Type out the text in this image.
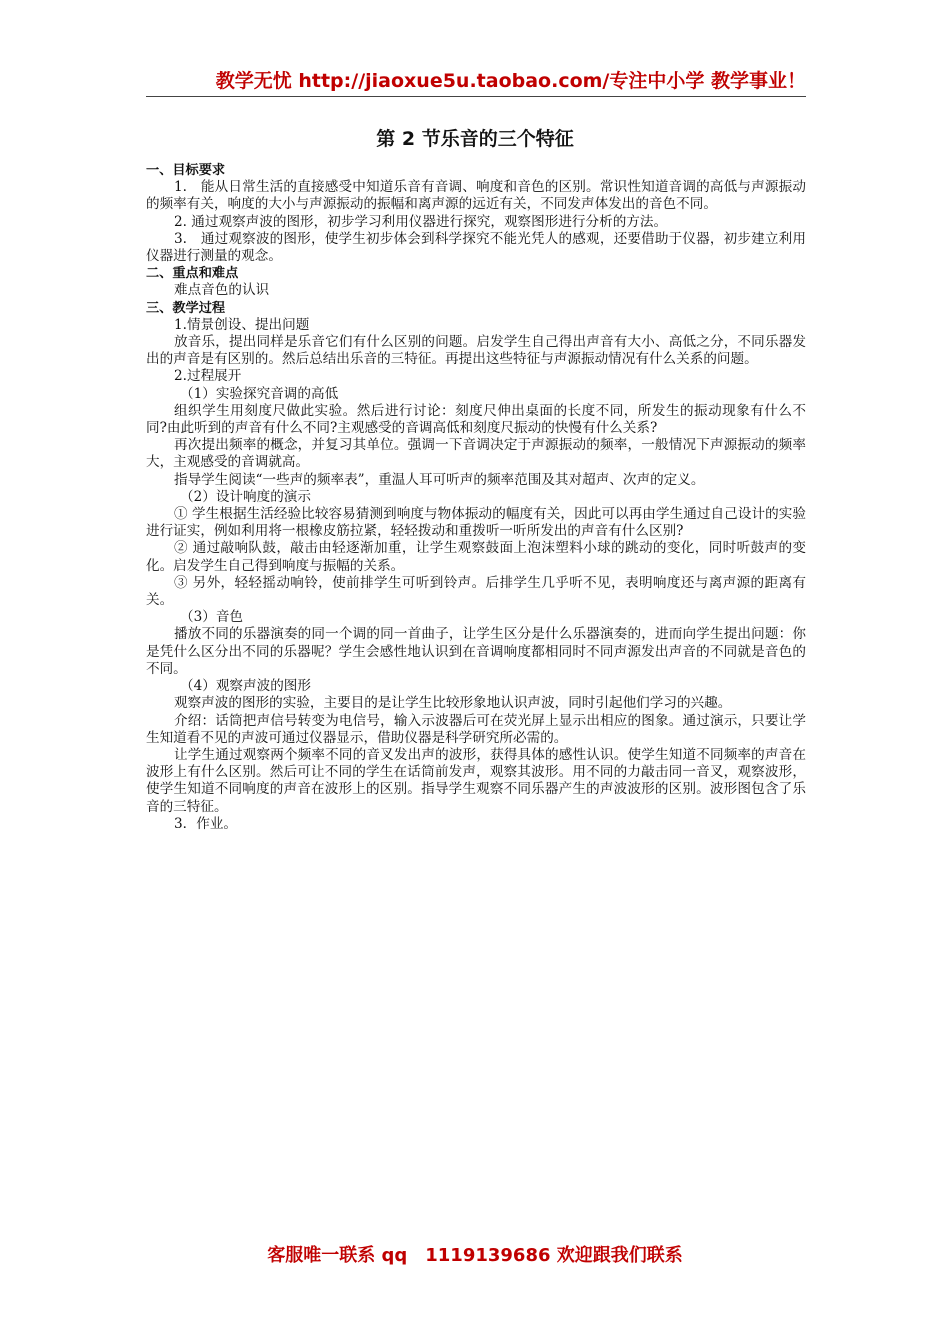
教学无忧 http://jiaoxue5u.taobao.com/专注中小学 教学事业！
第 2 节乐音的三个特征

一、目标要求

1.　能从日常生活的直接感受中知道乐音有音调、响度和音色的区别。常识性知道音调的高低与声源振动的频率有关，响度的大小与声源振动的振幅和离声源的远近有关，不同发声体发出的音色不同。

2. 通过观察声波的图形，初步学习利用仪器进行探究，观察图形进行分析的方法。

3.　通过观察波的图形，使学生初步体会到科学探究不能光凭人的感观，还要借助于仪器，初步建立利用仪器进行测量的观念。

二、重点和难点

难点音色的认识

三、教学过程

1.情景创设、提出问题

放音乐，提出同样是乐音它们有什么区别的问题。启发学生自己得出声音有大小、高低之分，不同乐器发出的声音是有区别的。然后总结出乐音的三特征。再提出这些特征与声源振动情况有什么关系的问题。

2.过程展开

（1）实验探究音调的高低

组织学生用刻度尺做此实验。然后进行讨论：刻度尺伸出桌面的长度不同，所发生的振动现象有什么不同?由此听到的声音有什么不同?主观感受的音调高低和刻度尺振动的快慢有什么关系?

再次提出频率的概念，并复习其单位。强调一下音调决定于声源振动的频率，一般情况下声源振动的频率大，主观感受的音调就高。

指导学生阅读“一些声的频率表”，重温人耳可听声的频率范围及其对超声、次声的定义。

（2）设计响度的演示

① 学生根据生活经验比较容易猜测到响度与物体振动的幅度有关，因此可以再由学生通过自己设计的实验进行证实，例如利用将一根橡皮筋拉紧，轻轻拨动和重拨听一听所发出的声音有什么区别?

② 通过敲响队鼓，敲击由轻逐渐加重，让学生观察鼓面上泡沫塑料小球的跳动的变化，同时听鼓声的变化。启发学生自己得到响度与振幅的关系。

③ 另外，轻轻摇动响铃，使前排学生可听到铃声。后排学生几乎听不见，表明响度还与离声源的距离有关。

（3）音色

播放不同的乐器演奏的同一个调的同一首曲子，让学生区分是什么乐器演奏的，进而向学生提出问题：你是凭什么区分出不同的乐器呢？学生会感性地认识到在音调响度都相同时不同声源发出声音的不同就是音色的不同。

（4）观察声波的图形

观察声波的图形的实验，主要目的是让学生比较形象地认识声波，同时引起他们学习的兴趣。

介绍：话筒把声信号转变为电信号，输入示波器后可在荧光屏上显示出相应的图象。通过演示，只要让学生知道看不见的声波可通过仪器显示，借助仪器是科学研究所必需的。

让学生通过观察两个频率不同的音叉发出声的波形，获得具体的感性认识。使学生知道不同频率的声音在波形上有什么区别。然后可让不同的学生在话筒前发声，观察其波形。用不同的力敲击同一音叉，观察波形，使学生知道不同响度的声音在波形上的区别。指导学生观察不同乐器产生的声波波形的区别。波形图包含了乐音的三特征。

3．作业。

客服唯一联系 qq　1119139686 欢迎跟我们联系
